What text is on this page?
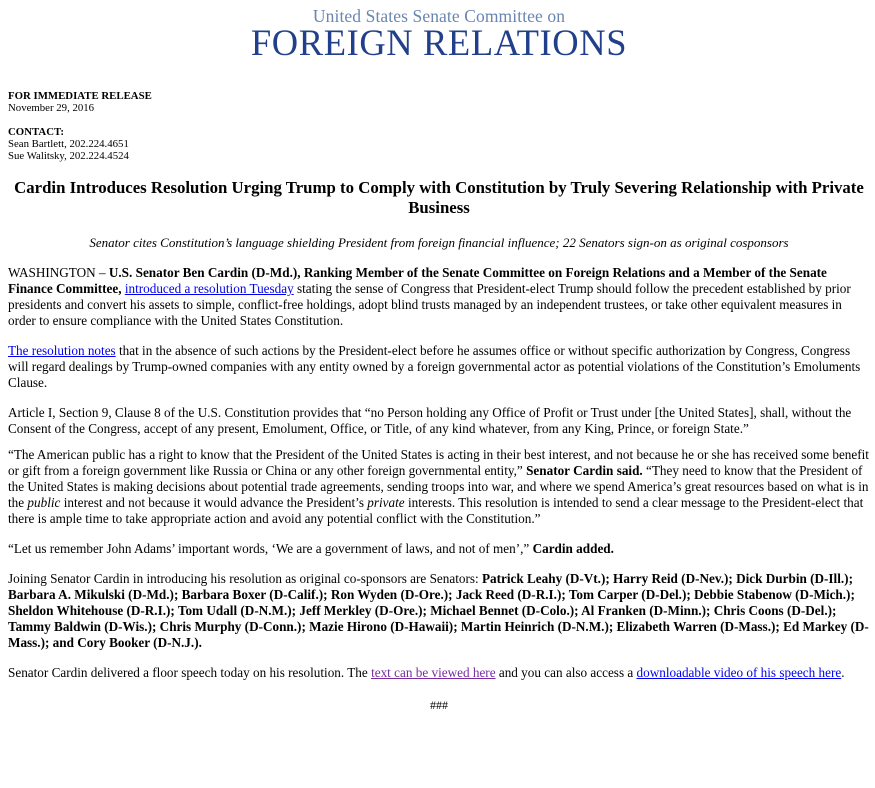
United States Senate Committee on
FOREIGN RELATIONS
FOR IMMEDIATE RELEASE
November 29, 2016
CONTACT:
Sean Bartlett, 202.224.4651
Sue Walitsky, 202.224.4524
Cardin Introduces Resolution Urging Trump to Comply with Constitution by Truly Severing Relationship with Private Business
Senator cites Constitution’s language shielding President from foreign financial influence; 22 Senators sign-on as original cosponsors

WASHINGTON – U.S. Senator Ben Cardin (D-Md.), Ranking Member of the Senate Committee on Foreign Relations and a Member of the Senate Finance Committee, introduced a resolution Tuesday stating the sense of Congress that President-elect Trump should follow the precedent established by prior presidents and convert his assets to simple, conflict-free holdings, adopt blind trusts managed by an independent trustees, or take other equivalent measures in order to ensure compliance with the United States Constitution.

The resolution notes that in the absence of such actions by the President-elect before he assumes office or without specific authorization by Congress, Congress will regard dealings by Trump-owned companies with any entity owned by a foreign governmental actor as potential violations of the Constitution’s Emoluments Clause.

Article I, Section 9, Clause 8 of the U.S. Constitution provides that “no Person holding any Office of Profit or Trust under [the United States], shall, without the Consent of the Congress, accept of any present, Emolument, Office, or Title, of any kind whatever, from any King, Prince, or foreign State.”

“The American public has a right to know that the President of the United States is acting in their best interest, and not because he or she has received some benefit or gift from a foreign government like Russia or China or any other foreign governmental entity,” Senator Cardin said. “They need to know that the President of the United States is making decisions about potential trade agreements, sending troops into war, and where we spend America’s great resources based on what is in the public interest and not because it would advance the President’s private interests. This resolution is intended to send a clear message to the President-elect that there is ample time to take appropriate action and avoid any potential conflict with the Constitution.”

“Let us remember John Adams’ important words, ‘We are a government of laws, and not of men’,” Cardin added.

Joining Senator Cardin in introducing his resolution as original co-sponsors are Senators: Patrick Leahy (D-Vt.); Harry Reid (D-Nev.); Dick Durbin (D-Ill.); Barbara A. Mikulski (D-Md.); Barbara Boxer (D-Calif.); Ron Wyden (D-Ore.); Jack Reed (D-R.I.); Tom Carper (D-Del.); Debbie Stabenow (D-Mich.); Sheldon Whitehouse (D-R.I.); Tom Udall (D-N.M.); Jeff Merkley (D-Ore.); Michael Bennet (D-Colo.); Al Franken (D-Minn.); Chris Coons (D-Del.); Tammy Baldwin (D-Wis.); Chris Murphy (D-Conn.); Mazie Hirono (D-Hawaii); Martin Heinrich (D-N.M.); Elizabeth Warren (D-Mass.); Ed Markey (D-Mass.); and Cory Booker (D-N.J.).

Senator Cardin delivered a floor speech today on his resolution. The text can be viewed here and you can also access a downloadable video of his speech here.

###
